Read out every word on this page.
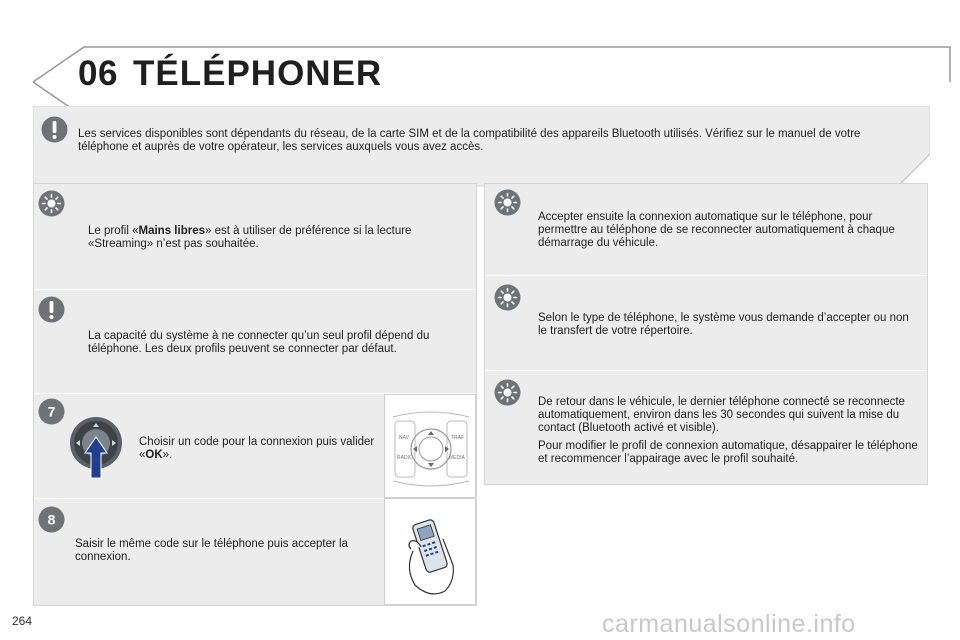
06 TÉLÉPHONER
Les services disponibles sont dépendants du réseau, de la carte SIM et de la compatibilité des appareils Bluetooth utilisés. Vérifiez sur le manuel de votre téléphone et auprès de votre opérateur, les services auxquels vous avez accès.
Le profil «Mains libres» est à utiliser de préférence si la lecture «Streaming» n’est pas souhaitée.
La capacité du système à ne connecter qu’un seul profil dépend du téléphone. Les deux profils peuvent se connecter par défaut.
7
Choisir un code pour la connexion puis valider «OK».
NAV	TRAF
RADIO	MEDIA
8
Saisir le même code sur le téléphone puis accepter la connexion.
Accepter ensuite la connexion automatique sur le téléphone, pour permettre au téléphone de se reconnecter automatiquement à chaque démarrage du véhicule.
Selon le type de téléphone, le système vous demande d’accepter ou non le transfert de votre répertoire.

De retour dans le véhicule, le dernier téléphone connecté se reconnecte automatiquement, environ dans les 30 secondes qui suivent la mise du contact (Bluetooth activé et visible).

Pour modifier le profil de connexion automatique, désappairer le téléphone et recommencer l’appairage avec le profil souhaité.

264	carmanualsonline.info
